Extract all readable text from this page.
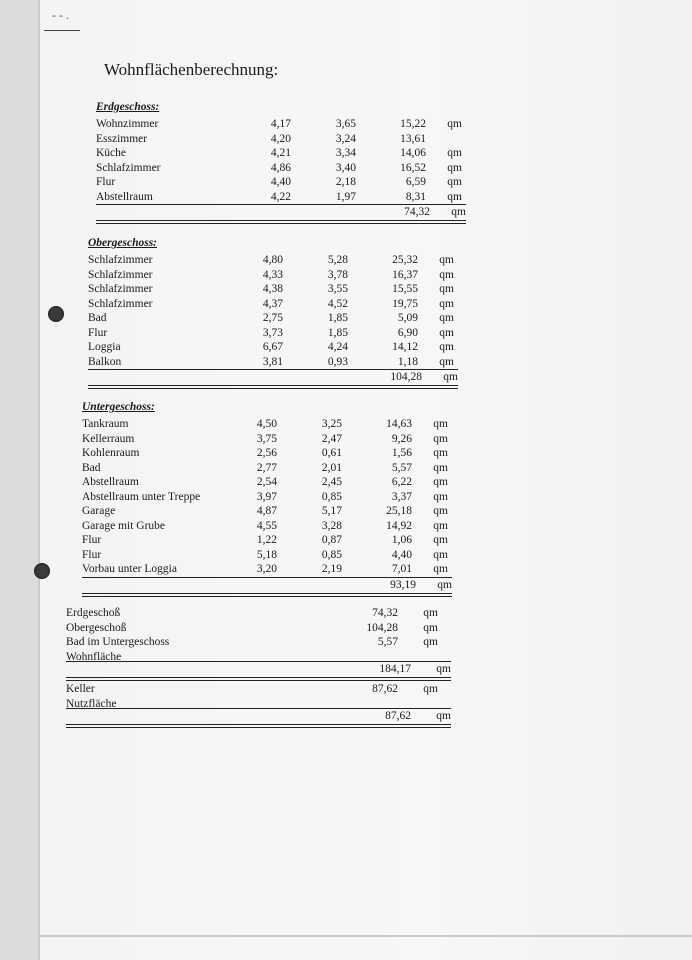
‐ ‐ .
Wohnflächenberechnung:
Erdgeschoss:
Wohnzimmer	4,17	3,65	15,22	qm
Esszimmer	4,20	3,24	13,61
Küche	4,21	3,34	14,06	qm
Schlafzimmer	4,86	3,40	16,52	qm
Flur	4,40	2,18	6,59	qm
Abstellraum	4,22	1,97	8,31	qm
74,32	qm
Obergeschoss:
Schlafzimmer	4,80	5,28	25,32	qm
Schlafzimmer	4,33	3,78	16,37	qm
Schlafzimmer	4,38	3,55	15,55	qm
Schlafzimmer	4,37	4,52	19,75	qm
Bad	2,75	1,85	5,09	qm
Flur	3,73	1,85	6,90	qm
Loggia	6,67	4,24	14,12	qm
Balkon	3,81	0,93	1,18	qm
104,28	qm
Untergeschoss:
Tankraum	4,50	3,25	14,63	qm
Kellerraum	3,75	2,47	9,26	qm
Kohlenraum	2,56	0,61	1,56	qm
Bad	2,77	2,01	5,57	qm
Abstellraum	2,54	2,45	6,22	qm
Abstellraum unter Treppe	3,97	0,85	3,37	qm
Garage	4,87	5,17	25,18	qm
Garage mit Grube	4,55	3,28	14,92	qm
Flur	1,22	0,87	1,06	qm
Flur	5,18	0,85	4,40	qm
Vorbau unter Loggia	3,20	2,19	7,01	qm
93,19	qm
Erdgeschoß	74,32	qm
Obergeschoß	104,28	qm
Bad im Untergeschoss	5,57	qm
Wohnfläche
184,17	qm
Keller	87,62	qm
Nutzfläche
87,62	qm
